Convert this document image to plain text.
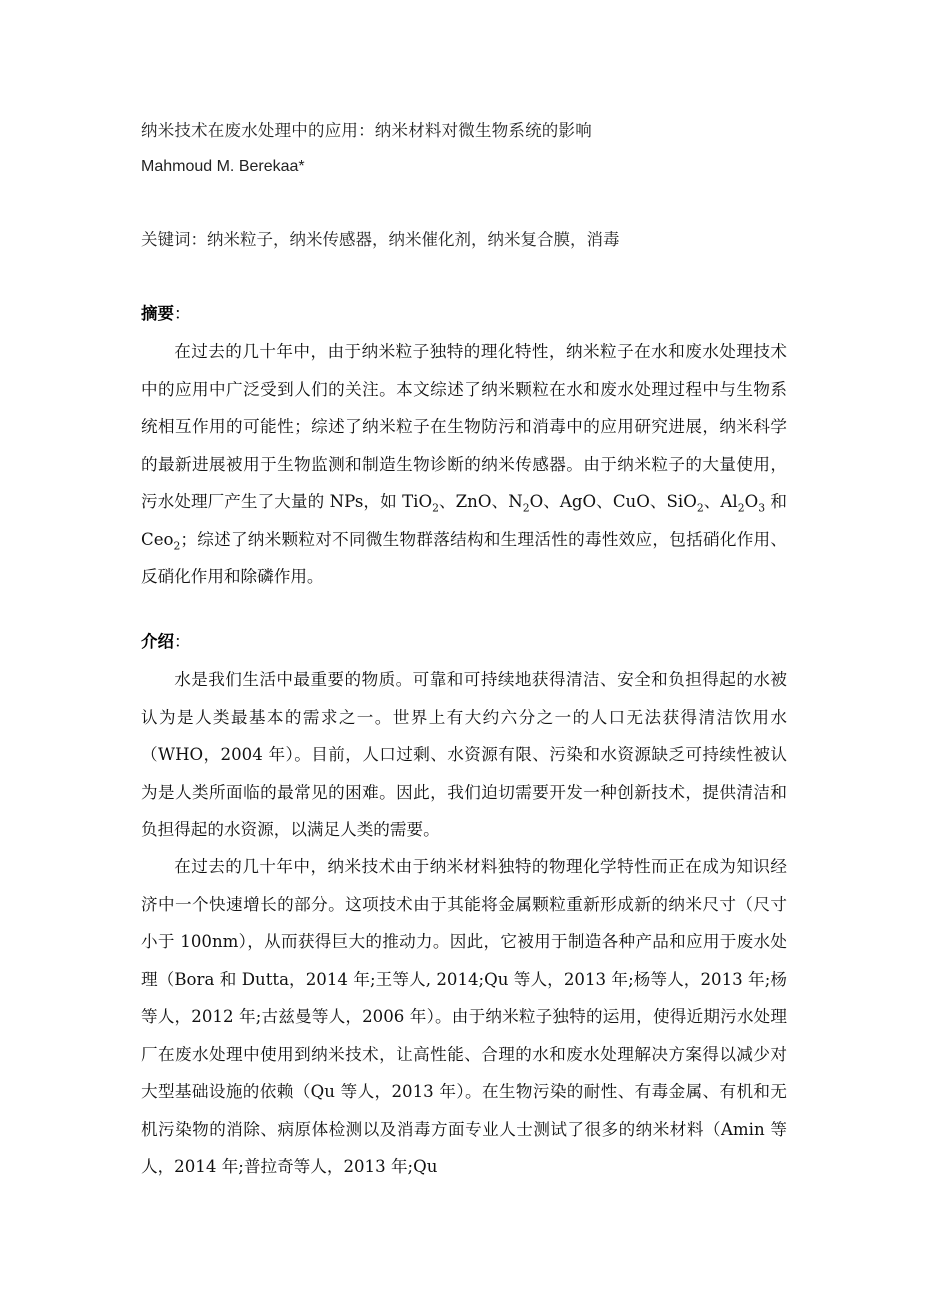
纳米技术在废水处理中的应用：纳米材料对微生物系统的影响
Mahmoud M. Berekaa*
关键词：纳米粒子，纳米传感器，纳米催化剂，纳米复合膜，消毒
摘要：

在过去的几十年中，由于纳米粒子独特的理化特性，纳米粒子在水和废水处理技术中的应用中广泛受到人们的关注。本文综述了纳米颗粒在水和废水处理过程中与生物系统相互作用的可能性；综述了纳米粒子在生物防污和消毒中的应用研究进展，纳米科学的最新进展被用于生物监测和制造生物诊断的纳米传感器。由于纳米粒子的大量使用，污水处理厂产生了大量的 NPs，如 TiO$_2$、ZnO、$N_2O$、AgO、CuO、SiO$_2$、$Al_2O_3$ 和 Ceo$_2$；综述了纳米颗粒对不同微生物群落结构和生理活性的毒性效应，包括硝化作用、反硝化作用和除磷作用。

介绍：

水是我们生活中最重要的物质。可靠和可持续地获得清洁、安全和负担得起的水被认为是人类最基本的需求之一。世界上有大约六分之一的人口无法获得清洁饮用水（WHO，2004 年）。目前，人口过剩、水资源有限、污染和水资源缺乏可持续性被认为是人类所面临的最常见的困难。因此，我们迫切需要开发一种创新技术，提供清洁和负担得起的水资源，以满足人类的需要。

在过去的几十年中，纳米技术由于纳米材料独特的物理化学特性而正在成为知识经济中一个快速增长的部分。这项技术由于其能将金属颗粒重新形成新的纳米尺寸（尺寸小于 100nm），从而获得巨大的推动力。因此，它被用于制造各种产品和应用于废水处理（Bora 和 Dutta，2014 年;王等人, 2014;Qu 等人，2013 年;杨等人，2013 年;杨等人，2012 年;古兹曼等人，2006 年）。由于纳米粒子独特的运用，使得近期污水处理厂在废水处理中使用到纳米技术，让高性能、合理的水和废水处理解决方案得以减少对大型基础设施的依赖（Qu 等人，2013 年）。在生物污染的耐性、有毒金属、有机和无机污染物的消除、病原体检测以及消毒方面专业人士测试了很多的纳米材料（Amin 等人，2014 年;普拉奇等人，2013 年;Qu
